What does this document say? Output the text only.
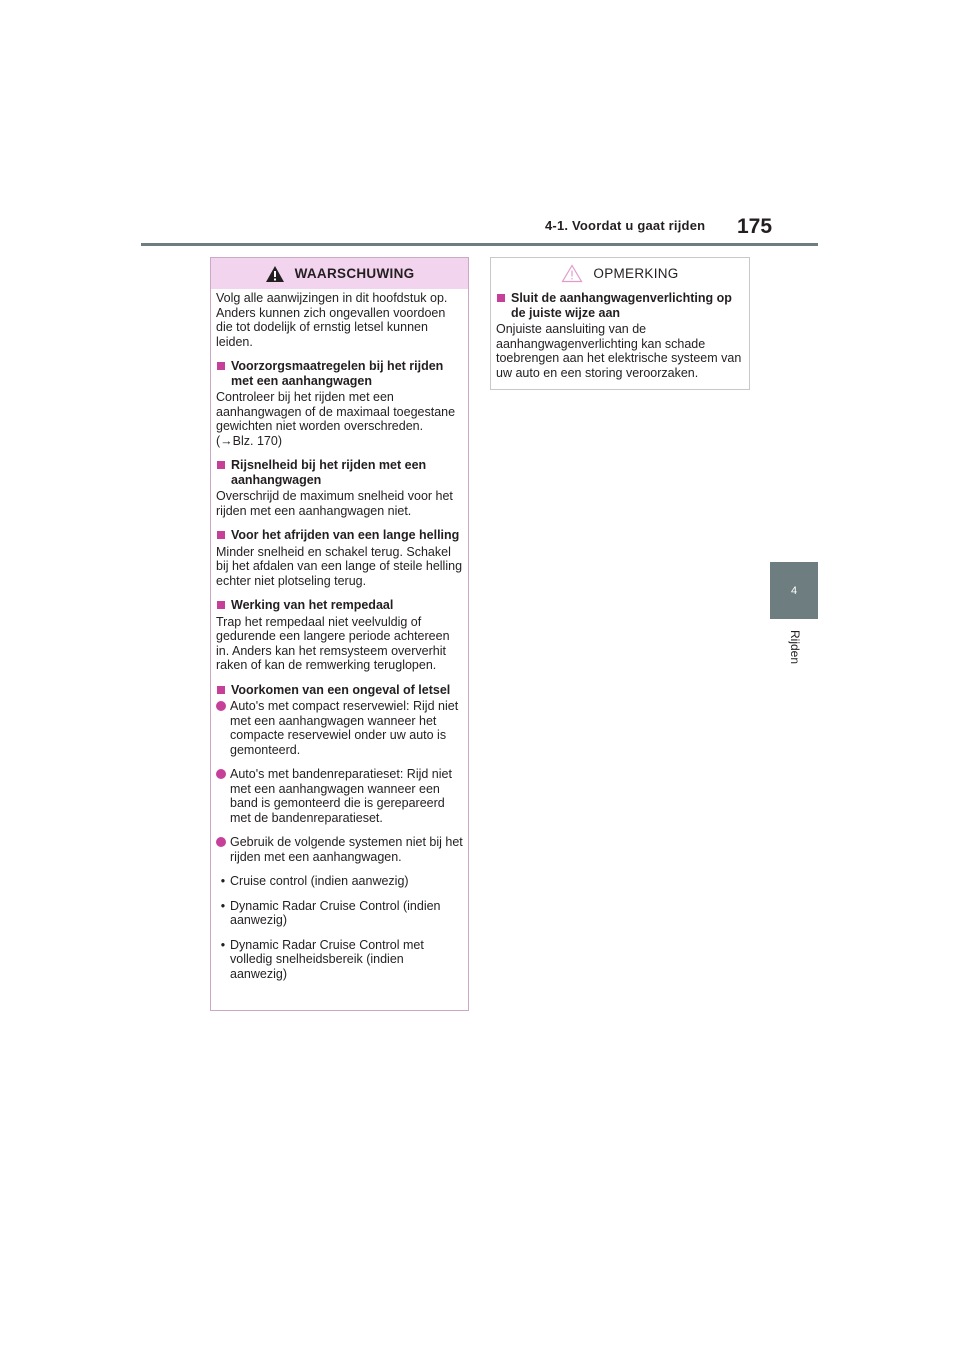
4-1. Voordat u gaat rijden 175
4
Rijden
WAARSCHUWING

Volg alle aanwijzingen in dit hoofdstuk op. Anders kunnen zich ongevallen voordoen die tot dodelijk of ernstig letsel kunnen leiden.

Voorzorgsmaatregelen bij het rijden met een aanhangwagen

Controleer bij het rijden met een aanhangwagen of de maximaal toegestane gewichten niet worden overschreden. (→Blz. 170)

Rijsnelheid bij het rijden met een aanhangwagen

Overschrijd de maximum snelheid voor het rijden met een aanhangwagen niet.

Voor het afrijden van een lange helling

Minder snelheid en schakel terug. Schakel bij het afdalen van een lange of steile helling echter niet plotseling terug.

Werking van het rempedaal

Trap het rempedaal niet veelvuldig of gedurende een langere periode achtereen in. Anders kan het remsysteem oververhit raken of kan de remwerking teruglopen.

Voorkomen van een ongeval of letsel
Auto's met compact reservewiel: Rijd niet met een aanhangwagen wanneer het compacte reservewiel onder uw auto is gemonteerd.
Auto's met bandenreparatieset: Rijd niet met een aanhangwagen wanneer een band is gemonteerd die is gerepareerd met de bandenreparatieset.
Gebruik de volgende systemen niet bij het rijden met een aanhangwagen.
• Cruise control (indien aanwezig)
• Dynamic Radar Cruise Control (indien aanwezig)
• Dynamic Radar Cruise Control met volledig snelheidsbereik (indien aanwezig)
OPMERKING
Sluit de aanhangwagenverlichting op de juiste wijze aan

Onjuiste aansluiting van de aanhangwagenverlichting kan schade toebrengen aan het elektrische systeem van uw auto en een storing veroorzaken.
